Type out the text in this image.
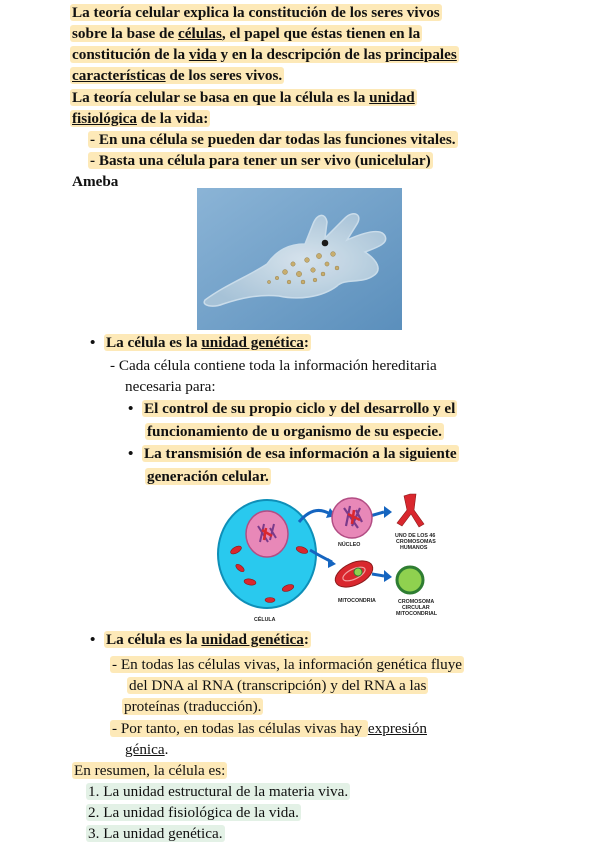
La teoría celular explica la constitución de los seres vivos
sobre la base de células, el papel que éstas tienen en la
constitución de la vida y en la descripción de las principales
características de los seres vivos.
La teoría celular se basa en que la célula es la unidad
fisiológica de la vida:
- En una célula se pueden dar todas las funciones vitales.
- Basta una célula para tener un ser vivo (unicelular)
Ameba
• La célula es la unidad genética:
- Cada célula contiene toda la información hereditaria
necesaria para:
• El control de su propio ciclo y del desarrollo y el
funcionamiento de u organismo de su especie.
• La transmisión de esa información a la siguiente
generación celular.
NÚCLEO
UNO DE LOS 46
CROMOSOMAS
HUMANOS
MITOCONDRIA	CROMOSOMA
CIRCULAR
MITOCONDRIAL
CÉLULA
• La célula es la unidad genética:
- En todas las células vivas, la información genética fluye
del DNA al RNA (transcripción) y del RNA a las
proteínas (traducción).
- Por tanto, en todas las células vivas hay expresión
génica.
En resumen, la célula es:
1. La unidad estructural de la materia viva.
2. La unidad fisiológica de la vida.
3. La unidad genética.
